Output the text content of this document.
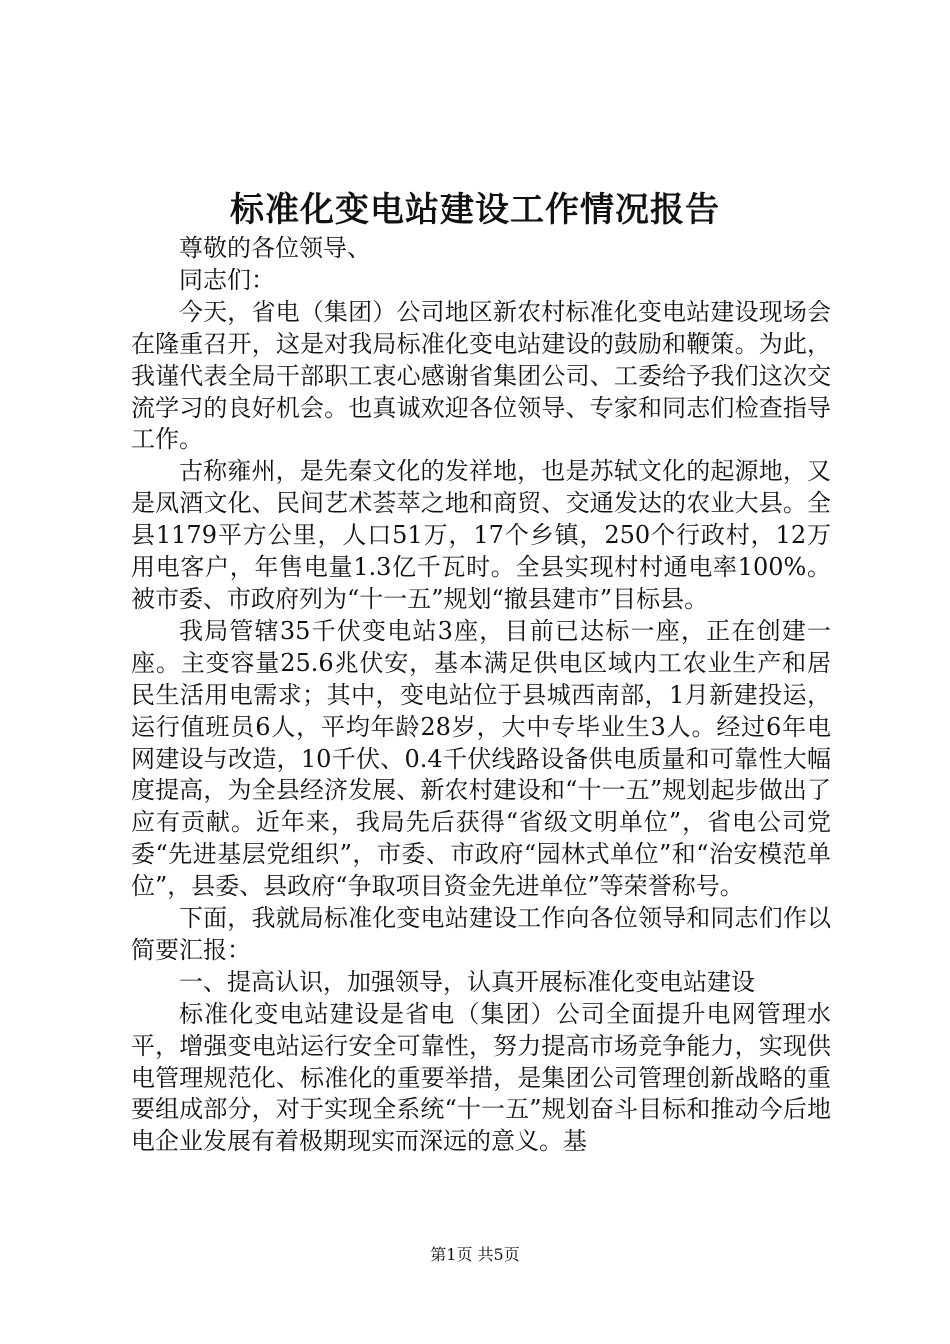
标准化变电站建设工作情况报告

尊敬的各位领导、

同志们：

今天，省电（集团）公司地区新农村标准化变电站建设现场会在隆重召开，这是对我局标准化变电站建设的鼓励和鞭策。为此，我谨代表全局干部职工衷心感谢省集团公司、工委给予我们这次交流学习的良好机会。也真诚欢迎各位领导、专家和同志们检查指导工作。

古称雍州，是先秦文化的发祥地，也是苏轼文化的起源地，又是凤酒文化、民间艺术荟萃之地和商贸、交通发达的农业大县。全县1179平方公里，人口51万，17个乡镇，250个行政村，12万用电客户，年售电量1.3亿千瓦时。全县实现村村通电率100%。被市委、市政府列为“十一五”规划“撤县建市”目标县。

我局管辖35千伏变电站3座，目前已达标一座，正在创建一座。主变容量25.6兆伏安，基本满足供电区域内工农业生产和居民生活用电需求；其中，变电站位于县城西南部，1月新建投运，运行值班员6人，平均年龄28岁，大中专毕业生3人。经过6年电网建设与改造，10千伏、0.4千伏线路设备供电质量和可靠性大幅度提高，为全县经济发展、新农村建设和“十一五”规划起步做出了应有贡献。近年来，我局先后获得“省级文明单位”，省电公司党委“先进基层党组织”，市委、市政府“园林式单位”和“治安模范单位”，县委、县政府“争取项目资金先进单位”等荣誉称号。

下面，我就局标准化变电站建设工作向各位领导和同志们作以简要汇报：

一、提高认识，加强领导，认真开展标准化变电站建设

标准化变电站建设是省电（集团）公司全面提升电网管理水平，增强变电站运行安全可靠性，努力提高市场竞争能力，实现供电管理规范化、标准化的重要举措，是集团公司管理创新战略的重要组成部分，对于实现全系统“十一五”规划奋斗目标和推动今后地电企业发展有着极期现实而深远的意义。基

第1页 共5页
